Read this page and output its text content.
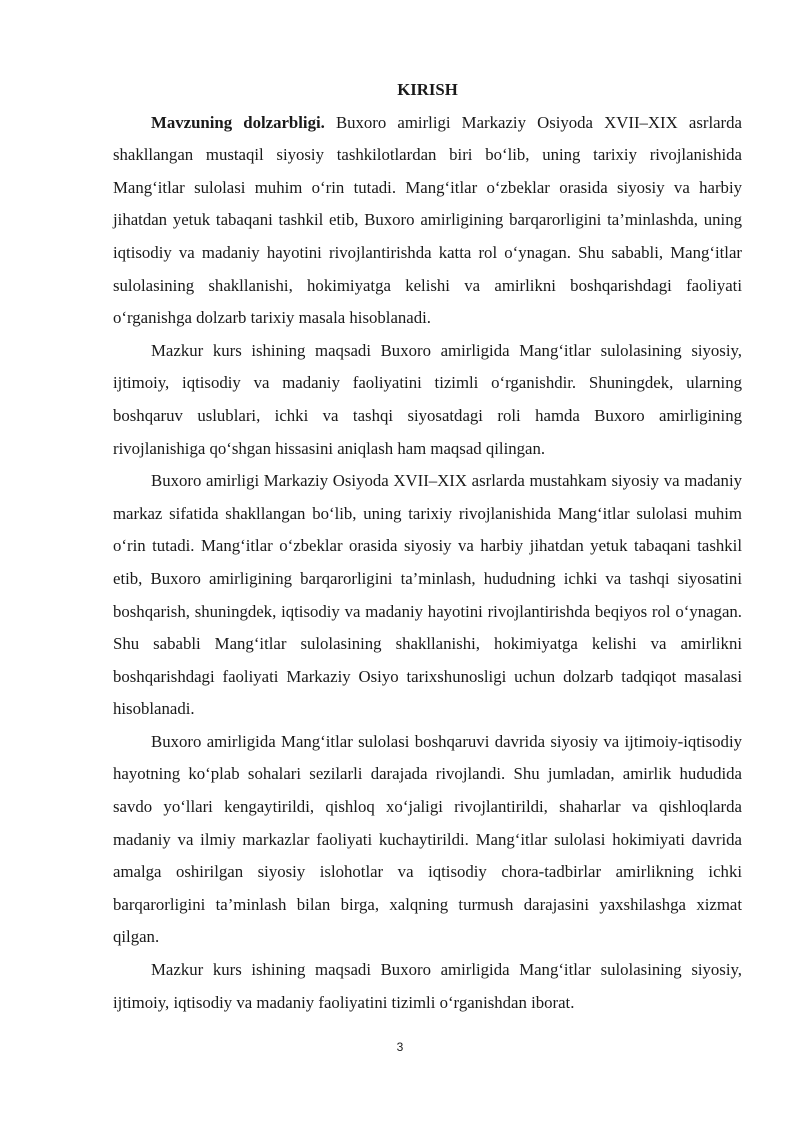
KIRISH

Mavzuning dolzarbligi. Buxoro amirligi Markaziy Osiyoda XVII–XIX asrlarda shakllangan mustaqil siyosiy tashkilotlardan biri bo‘lib, uning tarixiy rivojlanishida Mang‘itlar sulolasi muhim o‘rin tutadi. Mang‘itlar o‘zbeklar orasida siyosiy va harbiy jihatdan yetuk tabaqani tashkil etib, Buxoro amirligining barqarorligini ta’minlashda, uning iqtisodiy va madaniy hayotini rivojlantirishda katta rol o‘ynagan. Shu sababli, Mang‘itlar sulolasining shakllanishi, hokimiyatga kelishi va amirlikni boshqarishdagi faoliyati o‘rganishga dolzarb tarixiy masala hisoblanadi.

Mazkur kurs ishining maqsadi Buxoro amirligida Mang‘itlar sulolasining siyosiy, ijtimoiy, iqtisodiy va madaniy faoliyatini tizimli o‘rganishdir. Shuningdek, ularning boshqaruv uslublari, ichki va tashqi siyosatdagi roli hamda Buxoro amirligining rivojlanishiga qo‘shgan hissasini aniqlash ham maqsad qilingan.

Buxoro amirligi Markaziy Osiyoda XVII–XIX asrlarda mustahkam siyosiy va madaniy markaz sifatida shakllangan bo‘lib, uning tarixiy rivojlanishida Mang‘itlar sulolasi muhim o‘rin tutadi. Mang‘itlar o‘zbeklar orasida siyosiy va harbiy jihatdan yetuk tabaqani tashkil etib, Buxoro amirligining barqarorligini ta’minlash, hududning ichki va tashqi siyosatini boshqarish, shuningdek, iqtisodiy va madaniy hayotini rivojlantirishda beqiyos rol o‘ynagan. Shu sababli Mang‘itlar sulolasining shakllanishi, hokimiyatga kelishi va amirlikni boshqarishdagi faoliyati Markaziy Osiyo tarixshunosligi uchun dolzarb tadqiqot masalasi hisoblanadi.

Buxoro amirligida Mang‘itlar sulolasi boshqaruvi davrida siyosiy va ijtimoiy-iqtisodiy hayotning ko‘plab sohalari sezilarli darajada rivojlandi. Shu jumladan, amirlik hududida savdo yo‘llari kengaytirildi, qishloq xo‘jaligi rivojlantirildi, shaharlar va qishloqlarda madaniy va ilmiy markazlar faoliyati kuchaytirildi. Mang‘itlar sulolasi hokimiyati davrida amalga oshirilgan siyosiy islohotlar va iqtisodiy chora-tadbirlar amirlikning ichki barqarorligini ta’minlash bilan birga, xalqning turmush darajasini yaxshilashga xizmat qilgan.

Mazkur kurs ishining maqsadi Buxoro amirligida Mang‘itlar sulolasining siyosiy, ijtimoiy, iqtisodiy va madaniy faoliyatini tizimli o‘rganishdan iborat.

3
